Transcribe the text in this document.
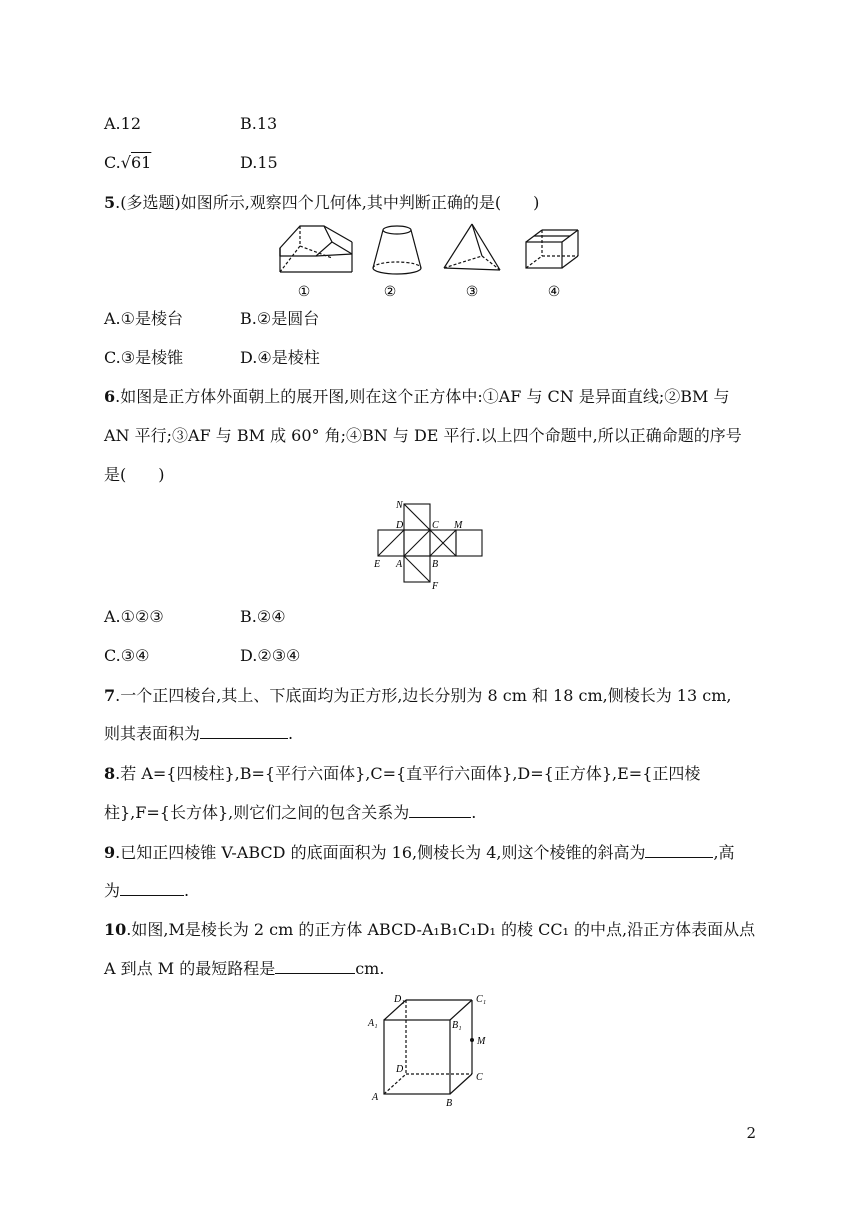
A.12	B.13
C.√61	D.15
5.(多选题)如图所示,观察四个几何体,其中判断正确的是(　　)
①	②	③	④
A.①是棱台	B.②是圆台
C.③是棱锥	D.④是棱柱
6.如图是正方体外面朝上的展开图,则在这个正方体中:①AF 与 CN 是异面直线;②BM 与
AN 平行;③AF 与 BM 成 60° 角;④BN 与 DE 平行.以上四个命题中,所以正确命题的序号
是(　　)
N
D	C M
E A	B
F
A.①②③	B.②④
C.③④	D.②③④
7.一个正四棱台,其上、下底面均为正方形,边长分别为 8 cm 和 18 cm,侧棱长为 13 cm,
则其表面积为	.
8.若 A={四棱柱},B={平行六面体},C={直平行六面体},D={正方体},E={正四棱
柱},F={长方体},则它们之间的包含关系为	.
9.已知正四棱锥 V-ABCD 的底面面积为 16,侧棱长为 4,则这个棱锥的斜高为	,高
为	.
10.如图,M是棱长为 2 cm 的正方体 ABCD-A₁B₁C₁D₁ 的棱 CC₁ 的中点,沿正方体表面从点
A 到点 M 的最短路程是	cm.
D₁	C₁
A₁	B₁
M
D
C
A
B
2
